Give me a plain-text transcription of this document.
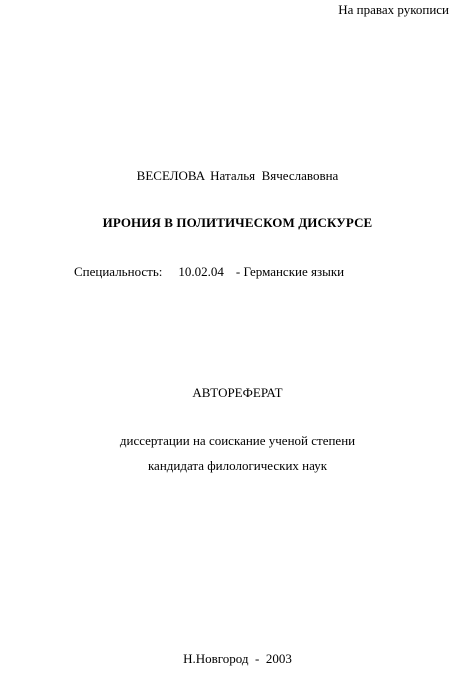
На правах рукописи
ВЕСЕЛОВА Наталья  Вячеславовна
ИРОНИЯ В ПОЛИТИЧЕСКОМ ДИСКУРСЕ
Специальность: 10.02.04 - Германские языки
АВТОРЕФЕРАТ
диссертации на соискание ученой степени
кандидата филологических наук
Н.Новгород  -  2003
